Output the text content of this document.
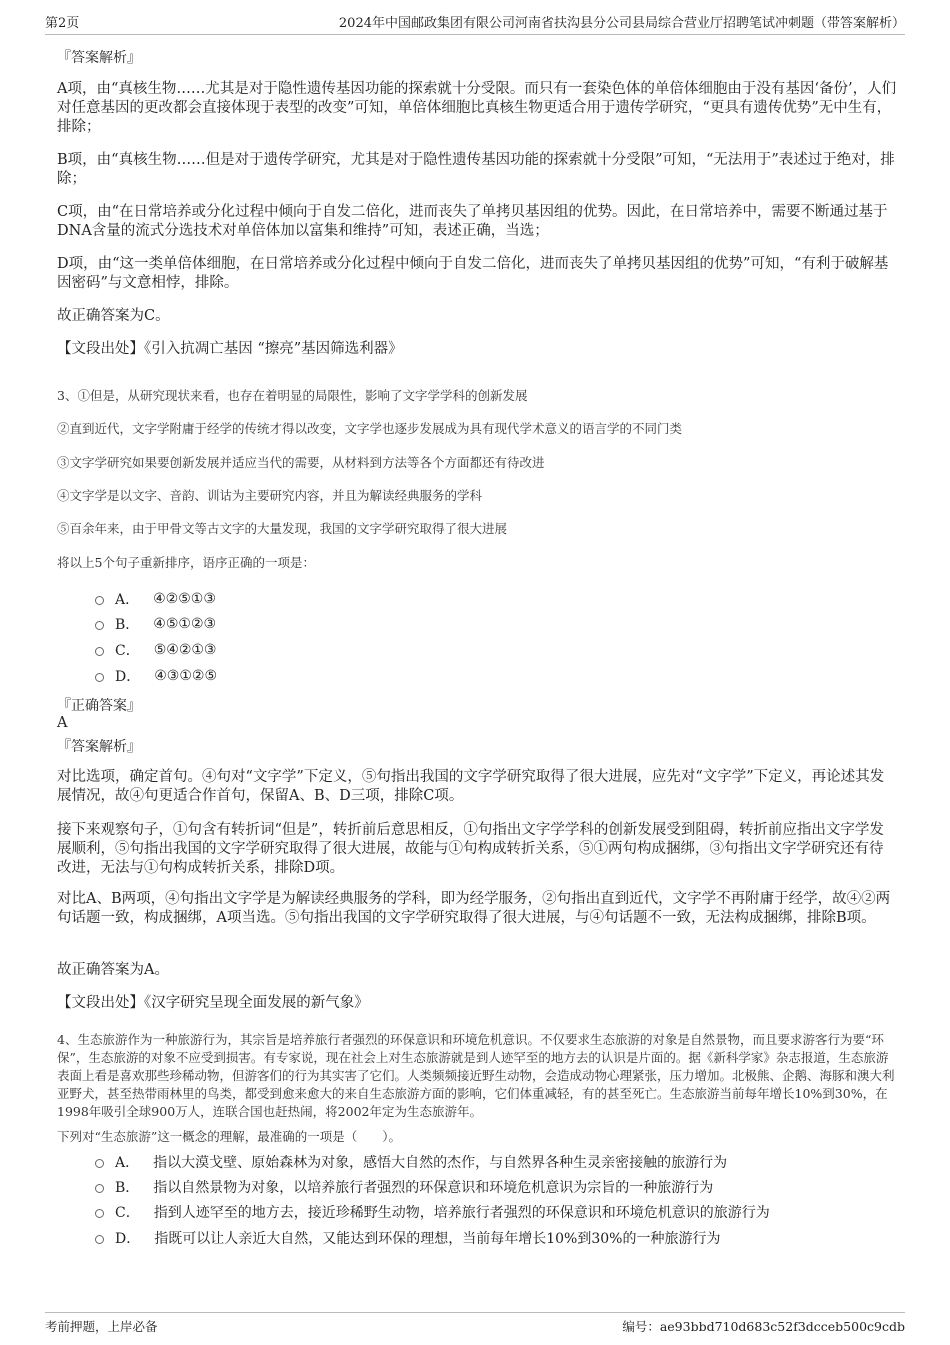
第2页	2024年中国邮政集团有限公司河南省扶沟县分公司县局综合营业厅招聘笔试冲刺题（带答案解析）
『答案解析』

A项，由“真核生物……尤其是对于隐性遗传基因功能的探索就十分受限。而只有一套染色体的单倍体细胞由于没有基因‘备份’，人们对任意基因的更改都会直接体现于表型的改变”可知，单倍体细胞比真核生物更适合用于遗传学研究，“更具有遗传优势”无中生有，排除；

B项，由“真核生物……但是对于遗传学研究，尤其是对于隐性遗传基因功能的探索就十分受限”可知，“无法用于”表述过于绝对，排除；

C项，由“在日常培养或分化过程中倾向于自发二倍化，进而丧失了单拷贝基因组的优势。因此，在日常培养中，需要不断通过基于DNA含量的流式分选技术对单倍体加以富集和维持”可知，表述正确，当选；

D项，由“这一类单倍体细胞，在日常培养或分化过程中倾向于自发二倍化，进而丧失了单拷贝基因组的优势”可知，“有利于破解基因密码”与文意相悖，排除。

故正确答案为C。

【文段出处】《引入抗凋亡基因 “擦亮”基因筛选利器》

3、①但是，从研究现状来看，也存在着明显的局限性，影响了文字学学科的创新发展
②直到近代，文字学附庸于经学的传统才得以改变，文字学也逐步发展成为具有现代学术意义的语言学的不同门类
③文字学研究如果要创新发展并适应当代的需要，从材料到方法等各个方面都还有待改进
④文字学是以文字、音韵、训诂为主要研究内容，并且为解读经典服务的学科
⑤百余年来，由于甲骨文等古文字的大量发现，我国的文字学研究取得了很大进展
将以上5个句子重新排序，语序正确的一项是：
A． ④②⑤①③
B． ④⑤①②③
C． ⑤④②①③
D． ④③①②⑤
『正确答案』
A
『答案解析』

对比选项，确定首句。④句对“文字学”下定义，⑤句指出我国的文字学研究取得了很大进展，应先对“文字学”下定义，再论述其发展情况，故④句更适合作首句，保留A、B、D三项，排除C项。

接下来观察句子，①句含有转折词“但是”，转折前后意思相反，①句指出文字学学科的创新发展受到阻碍，转折前应指出文字学发展顺利，⑤句指出我国的文字学研究取得了很大进展，故能与①句构成转折关系，⑤①两句构成捆绑，③句指出文字学研究还有待改进，无法与①句构成转折关系，排除D项。

对比A、B两项，④句指出文字学是为解读经典服务的学科，即为经学服务，②句指出直到近代，文字学不再附庸于经学，故④②两句话题一致，构成捆绑，A项当选。⑤句指出我国的文字学研究取得了很大进展，与④句话题不一致，无法构成捆绑，排除B项。

故正确答案为A。

【文段出处】《汉字研究呈现全面发展的新气象》

4、生态旅游作为一种旅游行为，其宗旨是培养旅行者强烈的环保意识和环境危机意识。不仅要求生态旅游的对象是自然景物，而且要求游客行为要“环保”，生态旅游的对象不应受到损害。有专家说，现在社会上对生态旅游就是到人迹罕至的地方去的认识是片面的。据《新科学家》杂志报道，生态旅游表面上看是喜欢那些珍稀动物，但游客们的行为其实害了它们。人类频频接近野生动物，会造成动物心理紧张，压力增加。北极熊、企鹅、海豚和澳大利亚野犬，甚至热带雨林里的鸟类，都受到愈来愈大的来自生态旅游方面的影响，它们体重减轻，有的甚至死亡。生态旅游当前每年增长10%到30%，在1998年吸引全球900万人，连联合国也赶热闹，将2002年定为生态旅游年。
下列对“生态旅游”这一概念的理解，最准确的一项是（　　）。
A． 指以大漠戈壁、原始森林为对象，感悟大自然的杰作，与自然界各种生灵亲密接触的旅游行为
B． 指以自然景物为对象，以培养旅行者强烈的环保意识和环境危机意识为宗旨的一种旅游行为
C． 指到人迹罕至的地方去，接近珍稀野生动物，培养旅行者强烈的环保意识和环境危机意识的旅游行为
D． 指既可以让人亲近大自然，又能达到环保的理想，当前每年增长10%到30%的一种旅游行为
考前押题，上岸必备	编号：ae93bbd710d683c52f3dcceb500c9cdb
